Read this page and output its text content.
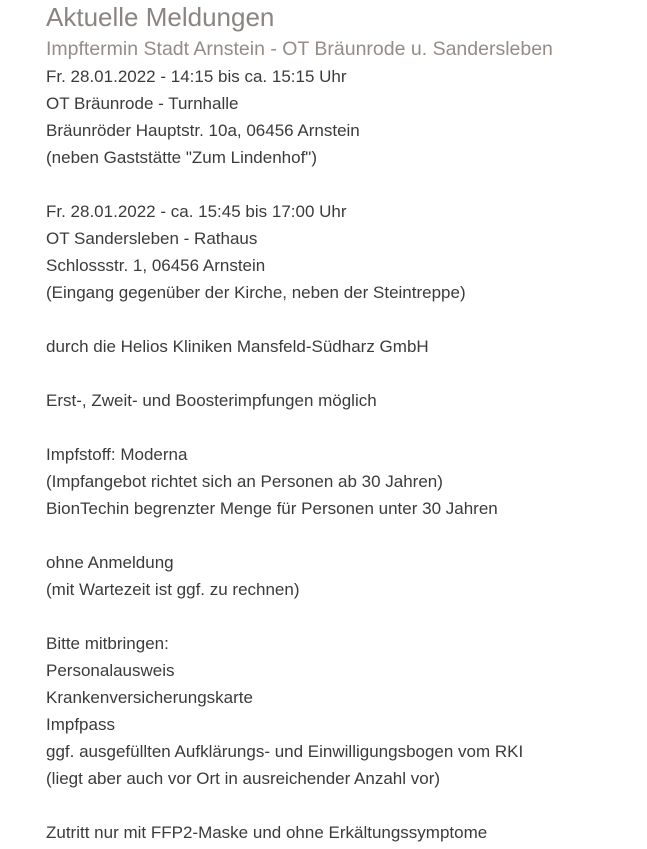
Aktuelle Meldungen
Impftermin Stadt Arnstein - OT Bräunrode u. Sandersleben
Fr. 28.01.2022 - 14:15 bis ca. 15:15 Uhr
OT Bräunrode - Turnhalle
Bräunröder Hauptstr. 10a, 06456 Arnstein
(neben Gaststätte "Zum Lindenhof")
Fr. 28.01.2022 - ca. 15:45 bis 17:00 Uhr
OT Sandersleben - Rathaus
Schlossstr. 1, 06456 Arnstein
(Eingang gegenüber der Kirche, neben der Steintreppe)
durch die Helios Kliniken Mansfeld-Südharz GmbH
Erst-, Zweit- und Boosterimpfungen möglich
Impfstoff: Moderna
(Impfangebot richtet sich an Personen ab 30 Jahren)
BionTechin begrenzter Menge für Personen unter 30 Jahren
ohne Anmeldung
(mit Wartezeit ist ggf. zu rechnen)
Bitte mitbringen:
Personalausweis
Krankenversicherungskarte
Impfpass
ggf. ausgefüllten Aufklärungs- und Einwilligungsbogen vom RKI
(liegt aber auch vor Ort in ausreichender Anzahl vor)
Zutritt nur mit FFP2-Maske und ohne Erkältungssymptome
